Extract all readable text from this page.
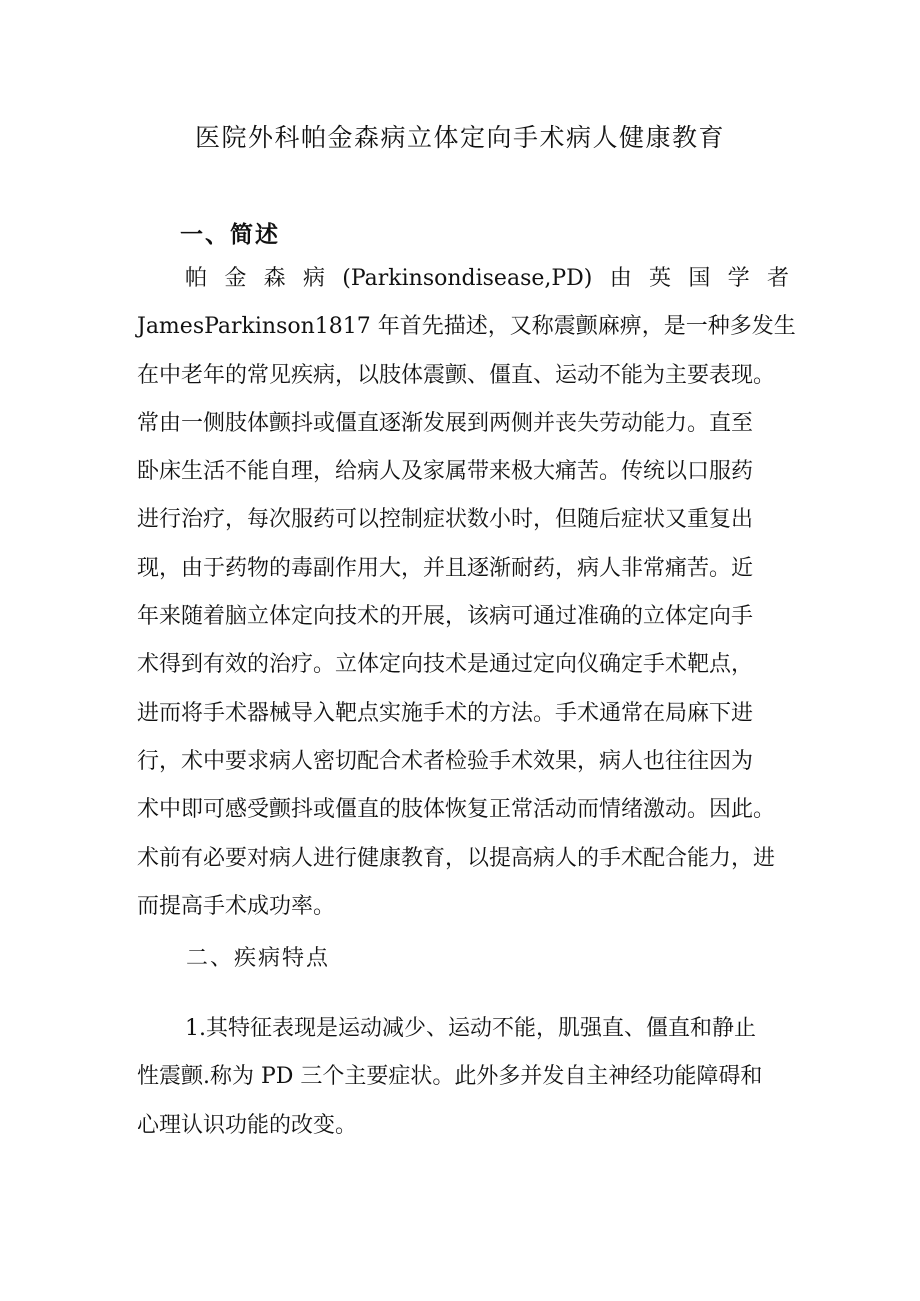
医院外科帕金森病立体定向手术病人健康教育
一、简述
帕 金 森 病 (Parkinsondisease,PD) 由 英 国 学 者
JamesParkinson1817 年首先描述，又称震颤麻痹，是一种多发生
在中老年的常见疾病，以肢体震颤、僵直、运动不能为主要表现。
常由一侧肢体颤抖或僵直逐渐发展到两侧并丧失劳动能力。直至
卧床生活不能自理，给病人及家属带来极大痛苦。传统以口服药
进行治疗，每次服药可以控制症状数小时，但随后症状又重复出
现，由于药物的毒副作用大，并且逐渐耐药，病人非常痛苦。近
年来随着脑立体定向技术的开展，该病可通过准确的立体定向手
术得到有效的治疗。立体定向技术是通过定向仪确定手术靶点，
进而将手术器械导入靶点实施手术的方法。手术通常在局麻下进
行，术中要求病人密切配合术者检验手术效果，病人也往往因为
术中即可感受颤抖或僵直的肢体恢复正常活动而情绪激动。因此。
术前有必要对病人进行健康教育，以提高病人的手术配合能力，进
而提高手术成功率。
二、疾病特点
1.其特征表现是运动减少、运动不能，肌强直、僵直和静止
性震颤.称为 PD 三个主要症状。此外多并发自主神经功能障碍和
心理认识功能的改变。
